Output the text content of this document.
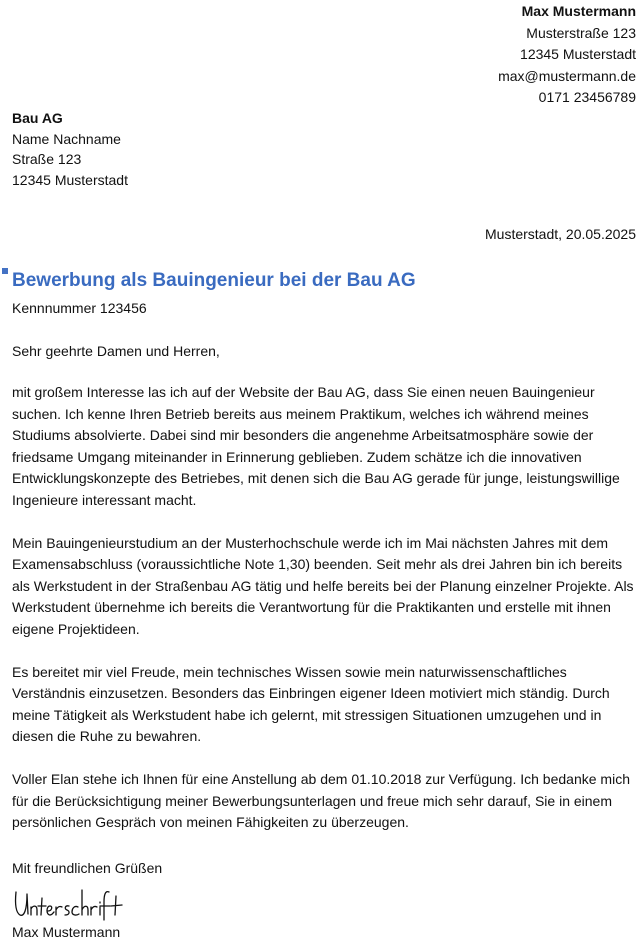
Max Mustermann
Musterstraße 123
12345 Musterstadt
max@mustermann.de
0171 23456789
Bau AG
Name Nachname
Straße 123
12345 Musterstadt
Musterstadt, 20.05.2025
Bewerbung als Bauingenieur bei der Bau AG
Kennnummer 123456
Sehr geehrte Damen und Herren,

mit großem Interesse las ich auf der Website der Bau AG, dass Sie einen neuen Bauingenieur suchen. Ich kenne Ihren Betrieb bereits aus meinem Praktikum, welches ich während meines Studiums absolvierte. Dabei sind mir besonders die angenehme Arbeitsatmosphäre sowie der friedsame Umgang miteinander in Erinnerung geblieben. Zudem schätze ich die innovativen Entwicklungskonzepte des Betriebes, mit denen sich die Bau AG gerade für junge, leistungswillige Ingenieure interessant macht.

Mein Bauingenieurstudium an der Musterhochschule werde ich im Mai nächsten Jahres mit dem Examensabschluss (voraussichtliche Note 1,30) beenden. Seit mehr als drei Jahren bin ich bereits als Werkstudent in der Straßenbau AG tätig und helfe bereits bei der Planung einzelner Projekte. Als Werkstudent übernehme ich bereits die Verantwortung für die Praktikanten und erstelle mit ihnen eigene Projektideen.

Es bereitet mir viel Freude, mein technisches Wissen sowie mein naturwissenschaftliches Verständnis einzusetzen. Besonders das Einbringen eigener Ideen motiviert mich ständig. Durch meine Tätigkeit als Werkstudent habe ich gelernt, mit stressigen Situationen umzugehen und in diesen die Ruhe zu bewahren.

Voller Elan stehe ich Ihnen für eine Anstellung ab dem 01.10.2018 zur Verfügung. Ich bedanke mich für die Berücksichtigung meiner Bewerbungsunterlagen und freue mich sehr darauf, Sie in einem persönlichen Gespräch von meinen Fähigkeiten zu überzeugen.

Mit freundlichen Grüßen
Max Mustermann
